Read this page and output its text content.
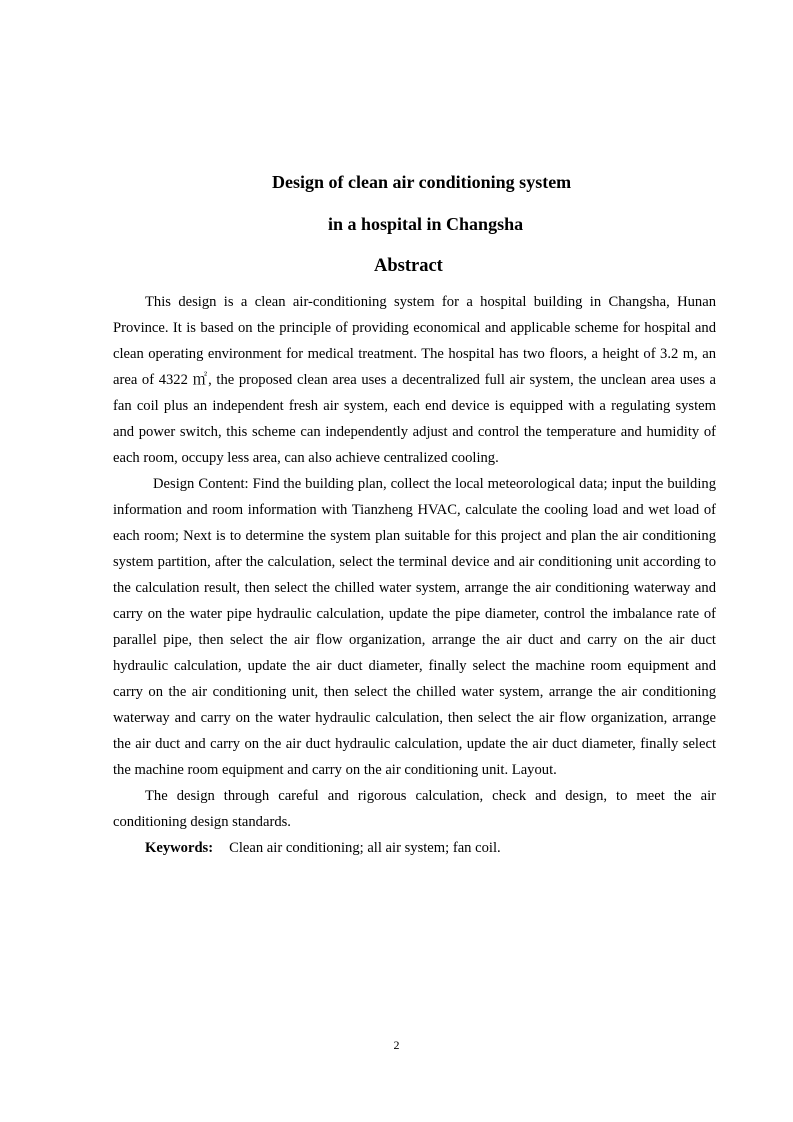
Design of clean air conditioning system
in a hospital in Changsha
Abstract

This design is a clean air-conditioning system for a hospital building in Changsha, Hunan Province. It is based on the principle of providing economical and applicable scheme for hospital and clean operating environment for medical treatment. The hospital has two floors, a height of 3.2 m, an area of 4322 ㎡, the proposed clean area uses a decentralized full air system, the unclean area uses a fan coil plus an independent fresh air system, each end device is equipped with a regulating system and power switch, this scheme can independently adjust and control the temperature and humidity of each room, occupy less area, can also achieve centralized cooling.

Design Content: Find the building plan, collect the local meteorological data; input the building information and room information with Tianzheng HVAC, calculate the cooling load and wet load of each room; Next is to determine the system plan suitable for this project and plan the air conditioning system partition, after the calculation, select the terminal device and air conditioning unit according to the calculation result, then select the chilled water system, arrange the air conditioning waterway and carry on the water pipe hydraulic calculation, update the pipe diameter, control the imbalance rate of parallel pipe, then select the air flow organization, arrange the air duct and carry on the air duct hydraulic calculation, update the air duct diameter, finally select the machine room equipment and carry on the air conditioning unit, then select the chilled water system, arrange the air conditioning waterway and carry on the water hydraulic calculation, then select the air flow organization, arrange the air duct and carry on the air duct hydraulic calculation, update the air duct diameter, finally select the machine room equipment and carry on the air conditioning unit. Layout.

The design through careful and rigorous calculation, check and design, to meet the air conditioning design standards.

Keywords: Clean air conditioning; all air system; fan coil.

2
